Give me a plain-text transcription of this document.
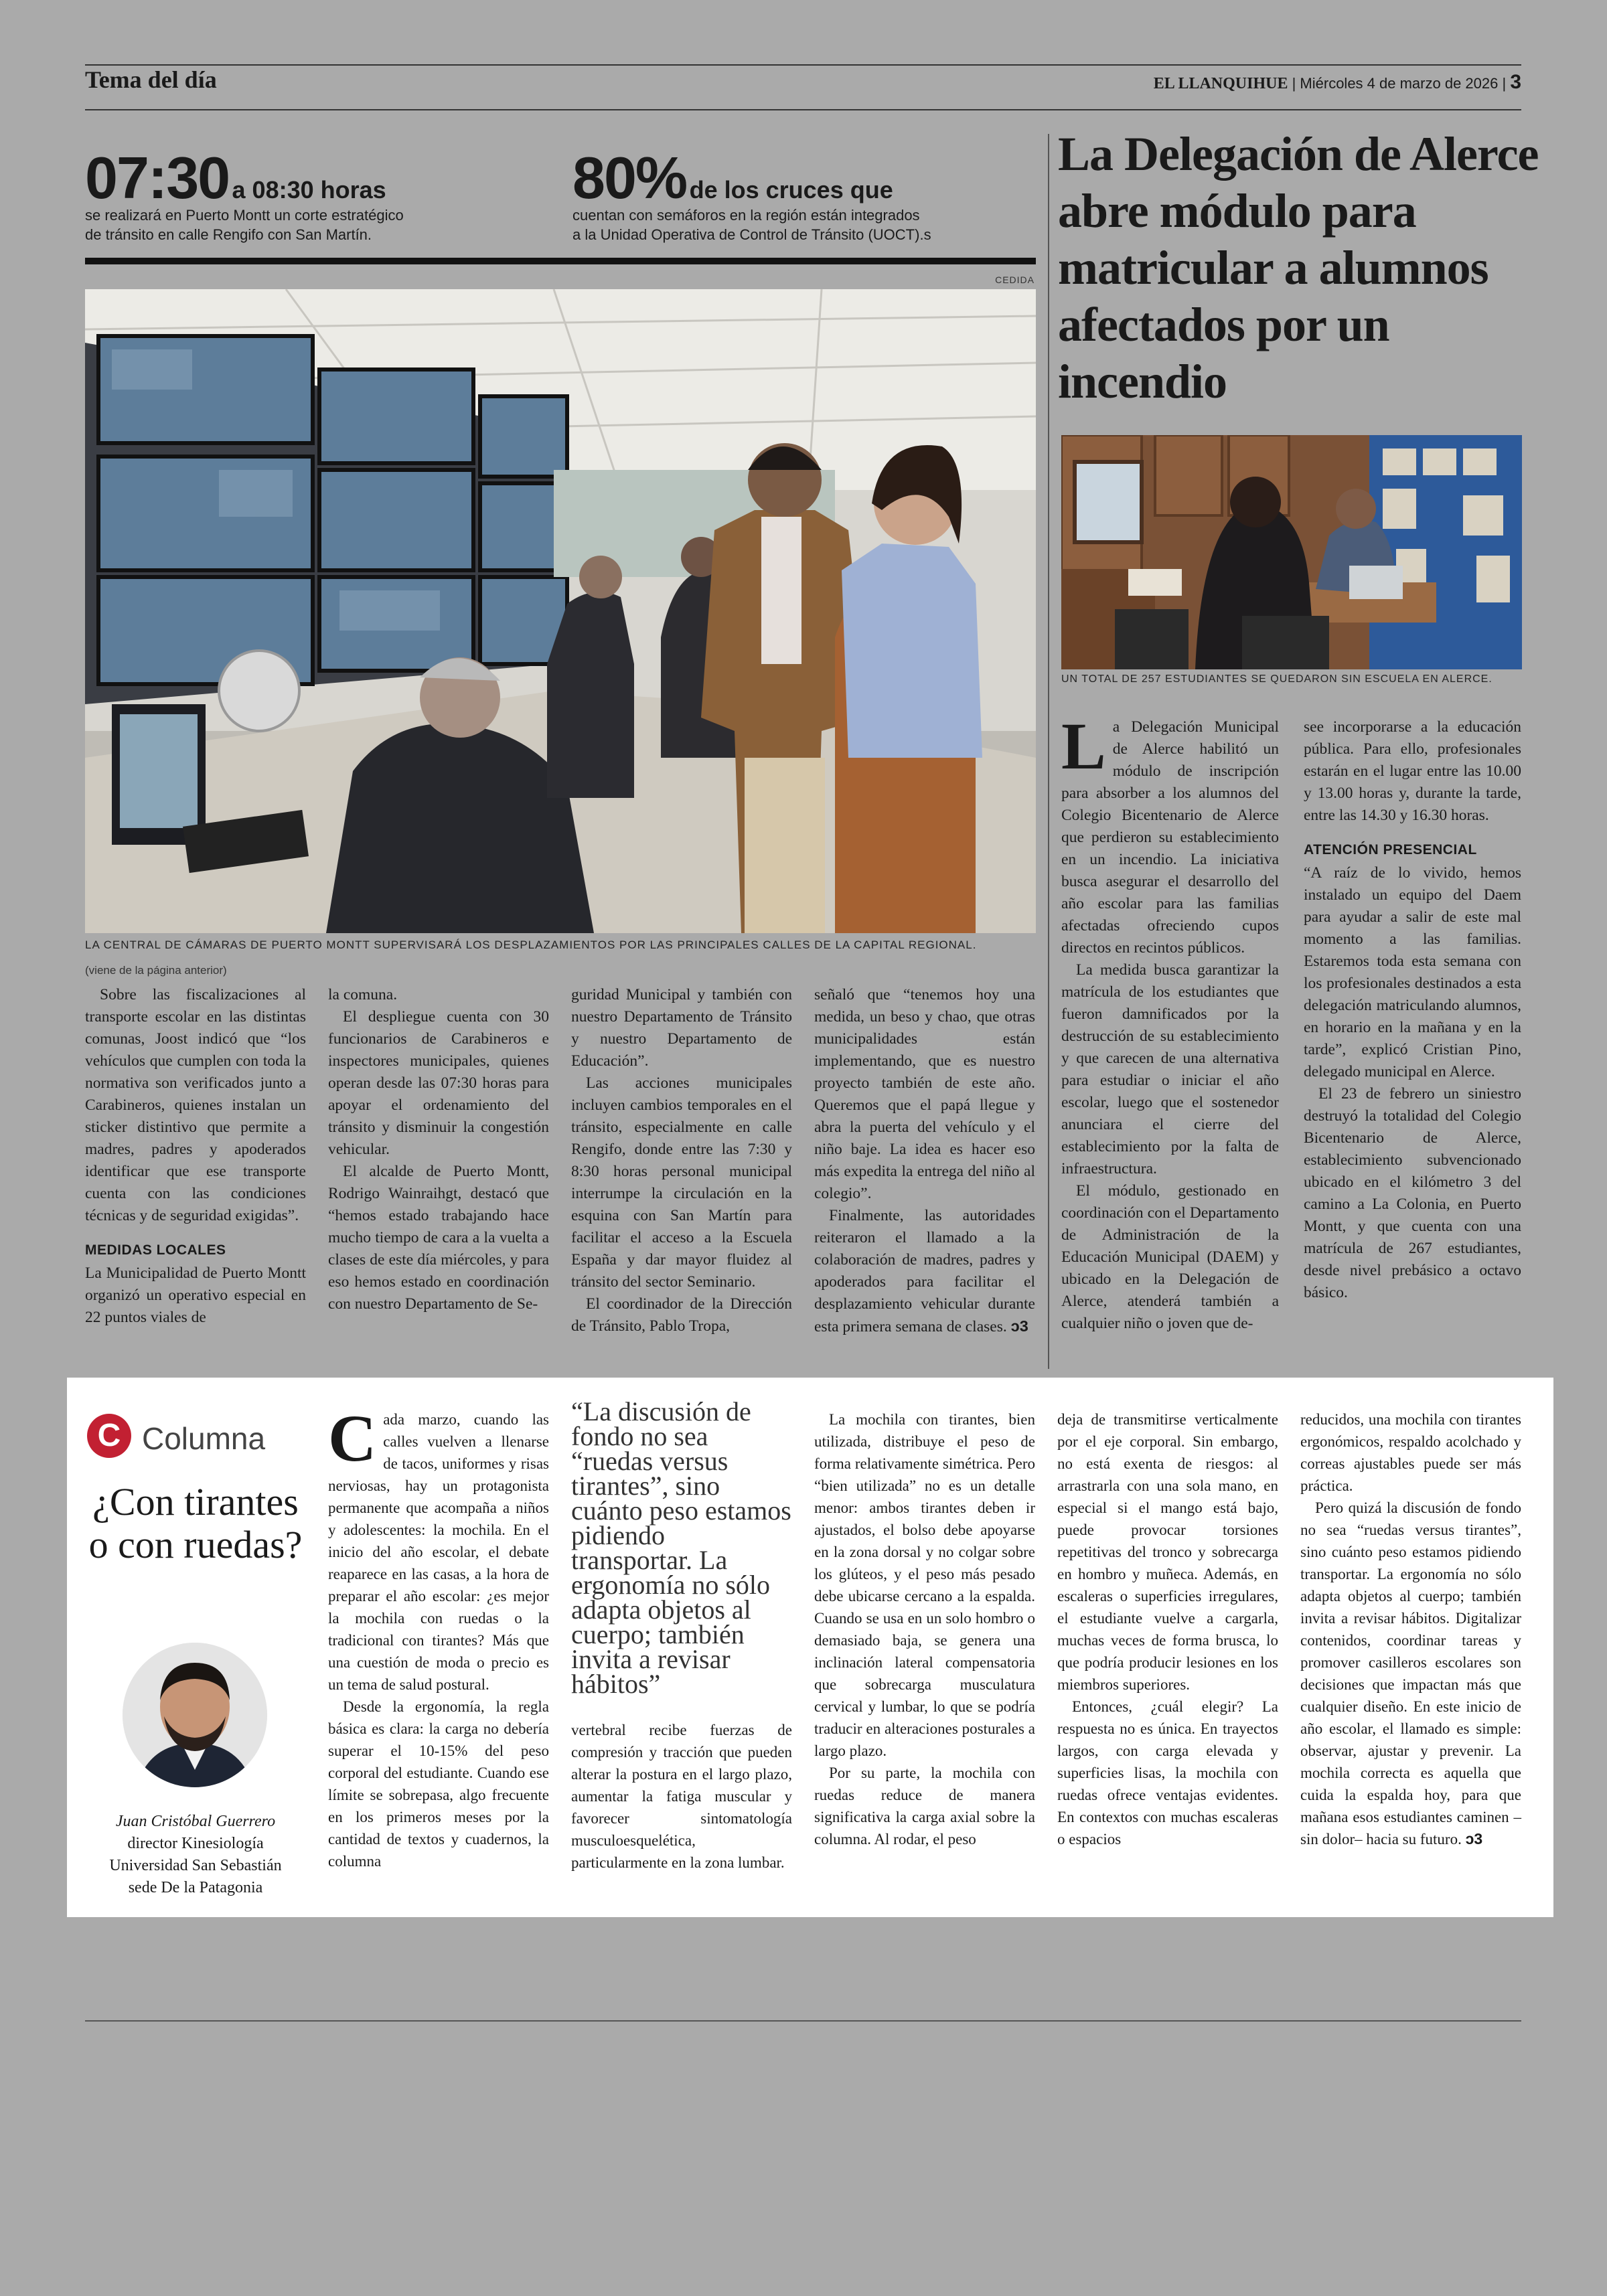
Tema del día	EL LLANQUIHUE | Miércoles 4 de marzo de 2026 | 3
07:30 a 08:30 horas
se realizará en Puerto Montt un corte estratégico
de tránsito en calle Rengifo con San Martín.
80% de los cruces que
cuentan con semáforos en la región están integrados
a la Unidad Operativa de Control de Tránsito (UOCT).s
CEDIDA
LA CENTRAL DE CÁMARAS DE PUERTO MONTT SUPERVISARÁ LOS DESPLAZAMIENTOS POR LAS PRINCIPALES CALLES DE LA CAPITAL REGIONAL.
(viene de la página anterior)

Sobre las fiscalizaciones al transporte escolar en las distintas comunas, Joost indicó que “los vehículos que cumplen con toda la normativa son verificados junto a Carabineros, quienes instalan un sticker distintivo que permite a madres, padres y apoderados identificar que ese transporte cuenta con las condiciones técnicas y de seguridad exigidas”.

MEDIDAS LOCALES

La Municipalidad de Puerto Montt organizó un operativo especial en 22 puntos viales de

la comuna.

El despliegue cuenta con 30 funcionarios de Carabineros e inspectores municipales, quienes operan desde las 07:30 horas para apoyar el ordenamiento del tránsito y disminuir la congestión vehicular.

El alcalde de Puerto Montt, Rodrigo Wainraihgt, destacó que “hemos estado trabajando hace mucho tiempo de cara a la vuelta a clases de este día miércoles, y para eso hemos estado en coordinación con nuestro Departamento de Se-

guridad Municipal y también con nuestro Departamento de Tránsito y nuestro Departamento de Educación”.

Las acciones municipales incluyen cambios temporales en el tránsito, especialmente en calle Rengifo, donde entre las 7:30 y 8:30 horas personal municipal interrumpe la circulación en la esquina con San Martín para facilitar el acceso a la Escuela España y dar mayor fluidez al tránsito del sector Seminario.

El coordinador de la Dirección de Tránsito, Pablo Tropa,

señaló que “tenemos hoy una medida, un beso y chao, que otras municipalidades están implementando, que es nuestro proyecto también de este año. Queremos que el papá llegue y abra la puerta del vehículo y el niño baje. La idea es hacer eso más expedita la entrega del niño al colegio”.

Finalmente, las autoridades reiteraron el llamado a la colaboración de madres, padres y apoderados para facilitar el desplazamiento vehicular durante esta primera semana de clases. ↄ3

La Delegación de Alerce abre módulo para matricular a alumnos afectados por un incendio
UN TOTAL DE 257 ESTUDIANTES SE QUEDARON SIN ESCUELA EN ALERCE.

La Delegación Municipal de Alerce habilitó un módulo de inscripción para absorber a los alumnos del Colegio Bicentenario de Alerce que perdieron su establecimiento en un incendio. La iniciativa busca asegurar el desarrollo del año escolar para las familias afectadas ofreciendo cupos directos en recintos públicos.

La medida busca garantizar la matrícula de los estudiantes que fueron damnificados por la destrucción de su establecimiento y que carecen de una alternativa para estudiar o iniciar el año escolar, luego que el sostenedor anunciara el cierre del establecimiento por la falta de infraestructura.

El módulo, gestionado en coordinación con el Departamento de Administración de la Educación Municipal (DAEM) y ubicado en la Delegación de Alerce, atenderá también a cualquier niño o joven que de-

see incorporarse a la educación pública. Para ello, profesionales estarán en el lugar entre las 10.00 y 13.00 horas y, durante la tarde, entre las 14.30 y 16.30 horas.

ATENCIÓN PRESENCIAL

“A raíz de lo vivido, hemos instalado un equipo del Daem para ayudar a salir de este mal momento a las familias. Estaremos toda esta semana con los profesionales destinados a esta delegación matriculando alumnos, en horario en la mañana y en la tarde”, explicó Cristian Pino, delegado municipal en Alerce.

El 23 de febrero un siniestro destruyó la totalidad del Colegio Bicentenario de Alerce, establecimiento subvencionado ubicado en el kilómetro 3 del camino a La Colonia, en Puerto Montt, y que cuenta con una matrícula de 267 estudiantes, desde nivel prebásico a octavo básico.

C Columna
¿Con tirantes o con ruedas?
Juan Cristóbal Guerrero
director Kinesiología
Universidad San Sebastián
sede De la Patagonia

Cada marzo, cuando las calles vuelven a llenarse de tacos, uniformes y risas nerviosas, hay un protagonista permanente que acompaña a niños y adolescentes: la mochila. En el inicio del año escolar, el debate reaparece en las casas, a la hora de preparar el año escolar: ¿es mejor la mochila con ruedas o la tradicional con tirantes? Más que una cuestión de moda o precio es un tema de salud postural.

Desde la ergonomía, la regla básica es clara: la carga no debería superar el 10-15% del peso corporal del estudiante. Cuando ese límite se sobrepasa, algo frecuente en los primeros meses por la cantidad de textos y cuadernos, la columna

“La discusión de fondo no sea “ruedas versus tirantes”, sino cuánto peso estamos pidiendo transportar. La ergonomía no sólo adapta objetos al cuerpo; también invita a revisar hábitos”

vertebral recibe fuerzas de compresión y tracción que pueden alterar la postura en el largo plazo, aumentar la fatiga muscular y favorecer sintomatología musculoesquelética, particularmente en la zona lumbar.

La mochila con tirantes, bien utilizada, distribuye el peso de forma relativamente simétrica. Pero “bien utilizada” no es un detalle menor: ambos tirantes deben ir ajustados, el bolso debe apoyarse en la zona dorsal y no colgar sobre los glúteos, y el peso más pesado debe ubicarse cercano a la espalda. Cuando se usa en un solo hombro o demasiado baja, se genera una inclinación lateral compensatoria que sobrecarga musculatura cervical y lumbar, lo que se podría traducir en alteraciones posturales a largo plazo.

Por su parte, la mochila con ruedas reduce de manera significativa la carga axial sobre la columna. Al rodar, el peso

deja de transmitirse verticalmente por el eje corporal. Sin embargo, no está exenta de riesgos: al arrastrarla con una sola mano, en especial si el mango está bajo, puede provocar torsiones repetitivas del tronco y sobrecarga en hombro y muñeca. Además, en escaleras o superficies irregulares, el estudiante vuelve a cargarla, muchas veces de forma brusca, lo que podría producir lesiones en los miembros superiores.

Entonces, ¿cuál elegir? La respuesta no es única. En trayectos largos, con carga elevada y superficies lisas, la mochila con ruedas ofrece ventajas evidentes. En contextos con muchas escaleras o espacios

reducidos, una mochila con tirantes ergonómicos, respaldo acolchado y correas ajustables puede ser más práctica.

Pero quizá la discusión de fondo no sea “ruedas versus tirantes”, sino cuánto peso estamos pidiendo transportar. La ergonomía no sólo adapta objetos al cuerpo; también invita a revisar hábitos. Digitalizar contenidos, coordinar tareas y promover casilleros escolares son decisiones que impactan más que cualquier diseño. En este inicio de año escolar, el llamado es simple: observar, ajustar y prevenir. La mochila correcta es aquella que cuida la espalda hoy, para que mañana esos estudiantes caminen –sin dolor– hacia su futuro. ↄ3
